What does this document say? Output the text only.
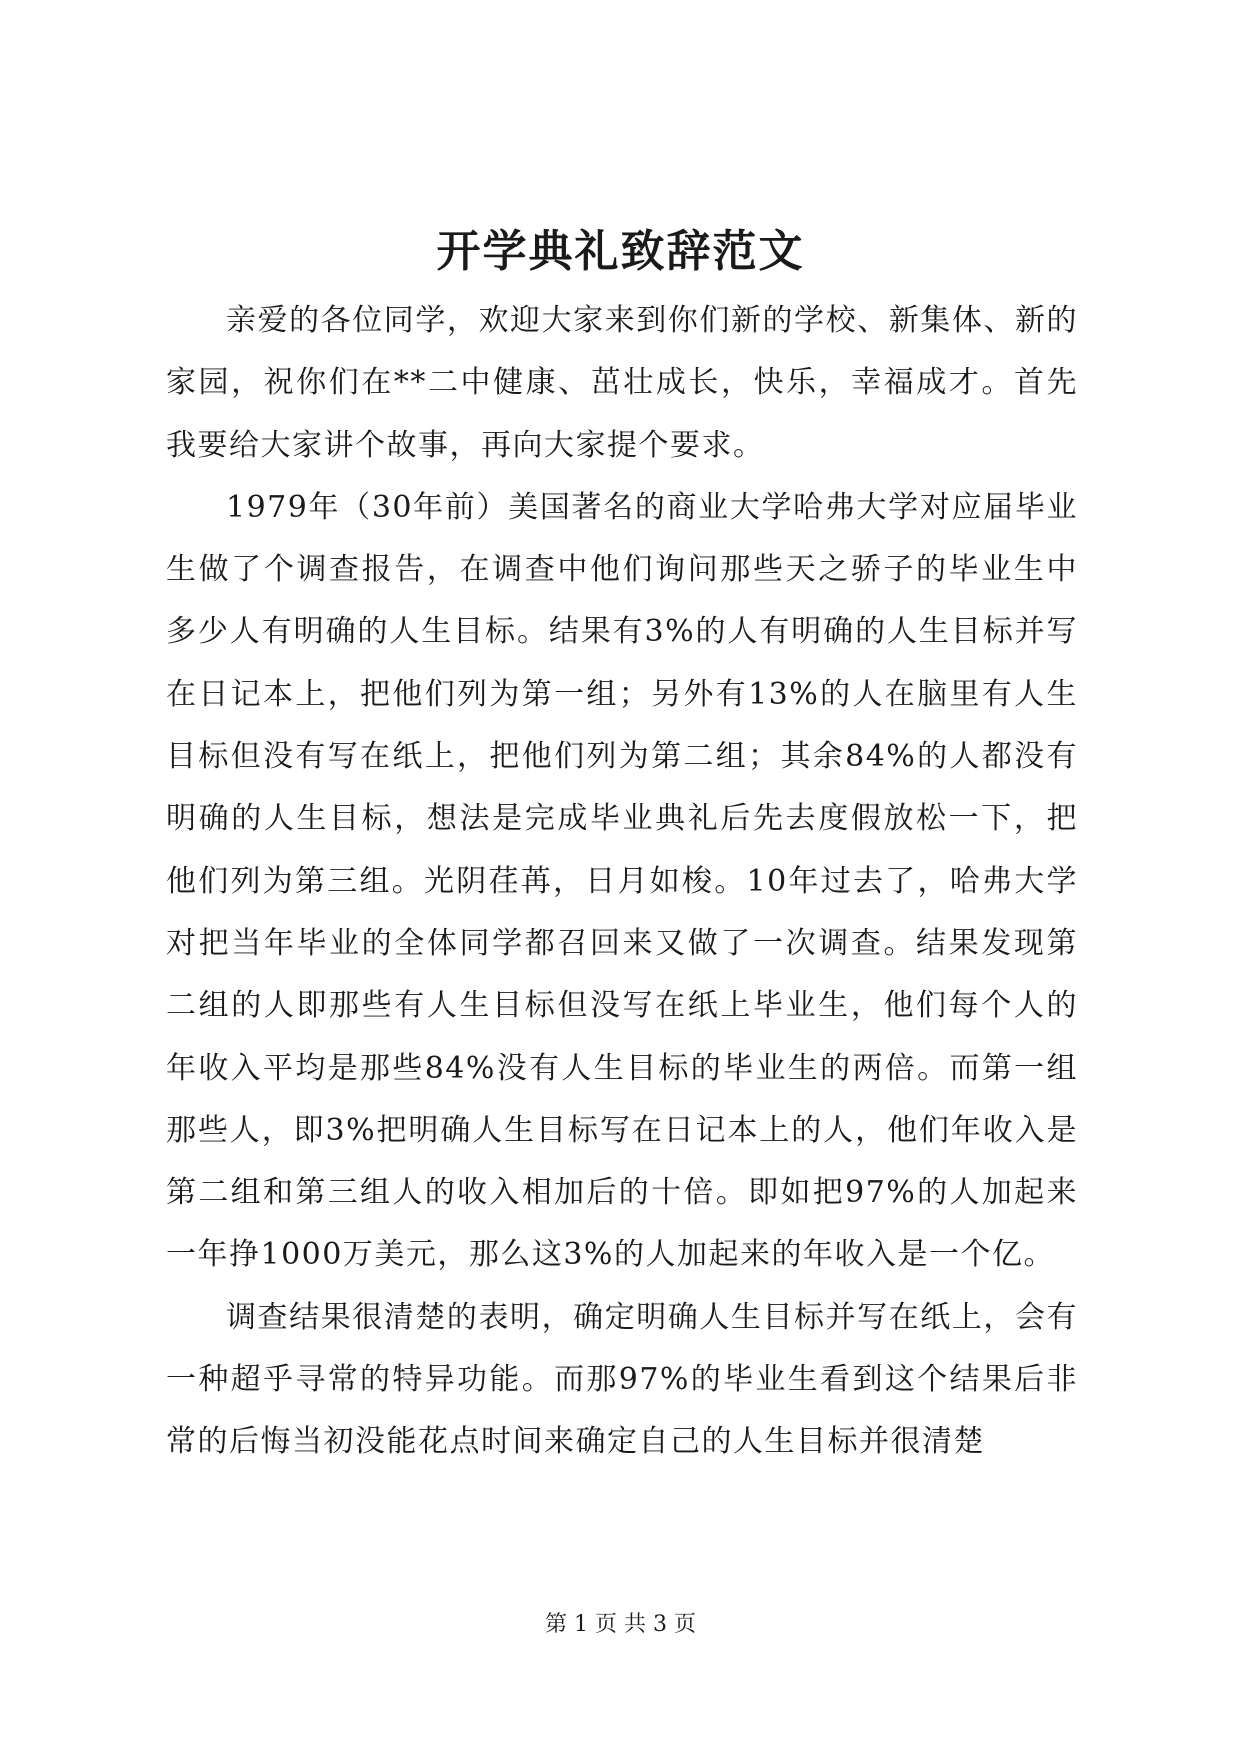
开学典礼致辞范文

亲爱的各位同学，欢迎大家来到你们新的学校、新集体、新的家园，祝你们在**二中健康、茁壮成长，快乐，幸福成才。首先我要给大家讲个故事，再向大家提个要求。

1979年（30年前）美国著名的商业大学哈弗大学对应届毕业生做了个调查报告，在调查中他们询问那些天之骄子的毕业生中多少人有明确的人生目标。结果有3%的人有明确的人生目标并写在日记本上，把他们列为第一组；另外有13%的人在脑里有人生目标但没有写在纸上，把他们列为第二组；其余84%的人都没有明确的人生目标，想法是完成毕业典礼后先去度假放松一下，把他们列为第三组。光阴荏苒，日月如梭。10年过去了，哈弗大学对把当年毕业的全体同学都召回来又做了一次调查。结果发现第二组的人即那些有人生目标但没写在纸上毕业生，他们每个人的年收入平均是那些84%没有人生目标的毕业生的两倍。而第一组那些人，即3%把明确人生目标写在日记本上的人，他们年收入是第二组和第三组人的收入相加后的十倍。即如把97%的人加起来一年挣1000万美元，那么这3%的人加起来的年收入是一个亿。

调查结果很清楚的表明，确定明确人生目标并写在纸上，会有一种超乎寻常的特异功能。而那97%的毕业生看到这个结果后非常的后悔当初没能花点时间来确定自己的人生目标并很清楚

第 1 页 共 3 页
